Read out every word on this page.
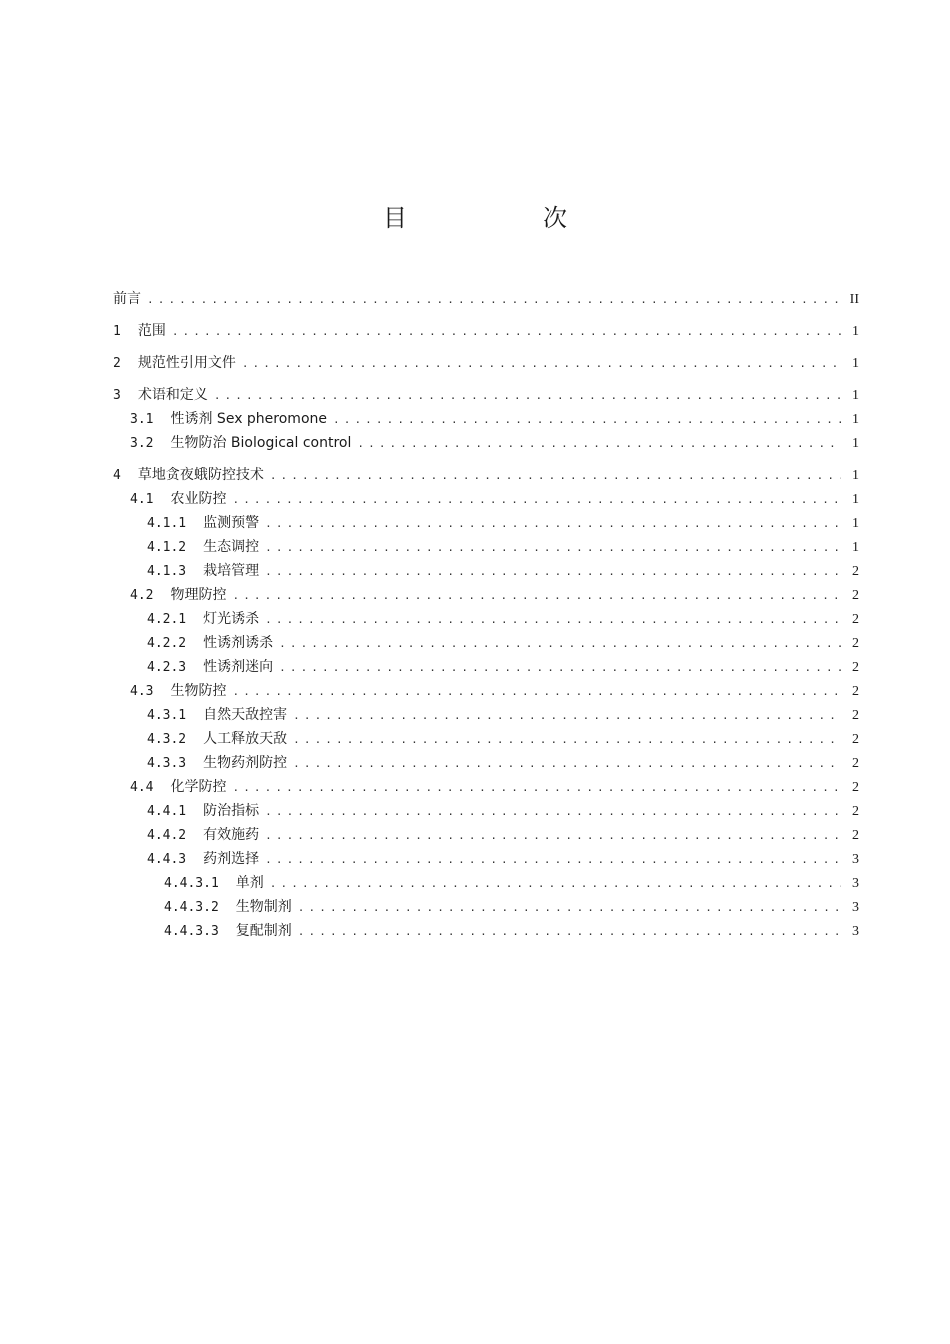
目　次
前言 .....	II
1 范围 .....	1
2 规范性引用文件 .....	1
3 术语和定义 .....	1
3.1 性诱剂 Sex pheromone .....	1
3.2 生物防治 Biological control .....	1
4 草地贪夜蛾防控技术 .....	1
4.1 农业防控 .....	1
4.1.1 监测预警 .....	1
4.1.2 生态调控 .....	1
4.1.3 栽培管理 .....	2
4.2 物理防控 .....	2
4.2.1 灯光诱杀 .....	2
4.2.2 性诱剂诱杀 .....	2
4.2.3 性诱剂迷向 .....	2
4.3 生物防控 .....	2
4.3.1 自然天敌控害 .....	2
4.3.2 人工释放天敌 .....	2
4.3.3 生物药剂防控 .....	2
4.4 化学防控 .....	2
4.4.1 防治指标 .....	2
4.4.2 有效施药 .....	2
4.4.3 药剂选择 .....	3
4.4.3.1 单剂 .....	3
4.4.3.2 生物制剂 .....	3
4.4.3.3 复配制剂 .....	3
